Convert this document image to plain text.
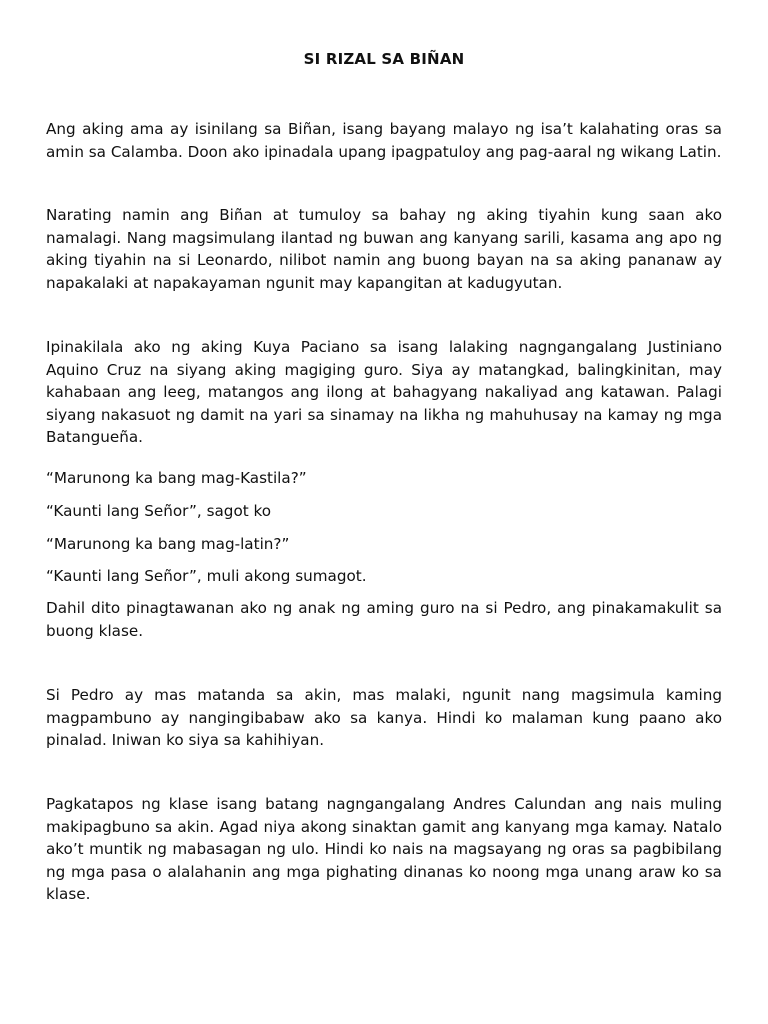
SI RIZAL SA BIÑAN

Ang aking ama ay isinilang sa Biñan, isang bayang malayo ng isa’t kalahating oras sa amin sa Calamba. Doon ako ipinadala upang ipagpatuloy ang pag-aaral ng wikang Latin.

Narating namin ang Biñan at tumuloy sa bahay ng aking tiyahin kung saan ako namalagi. Nang magsimulang ilantad ng buwan ang kanyang sarili, kasama ang apo ng aking tiyahin na si Leonardo, nilibot namin ang buong bayan na sa aking pananaw ay napakalaki at napakayaman ngunit may kapangitan at kadugyutan.

Ipinakilala ako ng aking Kuya Paciano sa isang lalaking nagngangalang Justiniano Aquino Cruz na siyang aking magiging guro. Siya ay matangkad, balingkinitan, may kahabaan ang leeg, matangos ang ilong at bahagyang nakaliyad ang katawan. Palagi siyang nakasuot ng damit na yari sa sinamay na likha ng mahuhusay na kamay ng mga Batangueña.

“Marunong ka bang mag-Kastila?”

“Kaunti lang Señor”, sagot ko

“Marunong ka bang mag-latin?”

“Kaunti lang Señor”, muli akong sumagot.

Dahil dito pinagtawanan ako ng anak ng aming guro na si Pedro, ang pinakamakulit sa buong klase.

Si Pedro ay mas matanda sa akin, mas malaki, ngunit nang magsimula kaming magpambuno ay nangingibabaw ako sa kanya. Hindi ko malaman kung paano ako pinalad. Iniwan ko siya sa kahihiyan.

Pagkatapos ng klase isang batang nagngangalang Andres Calundan ang nais muling makipagbuno sa akin. Agad niya akong sinaktan gamit ang kanyang mga kamay. Natalo ako’t muntik ng mabasagan ng ulo. Hindi ko nais na magsayang ng oras sa pagbibilang ng mga pasa o alalahanin ang mga pighating dinanas ko noong mga unang araw ko sa klase.
